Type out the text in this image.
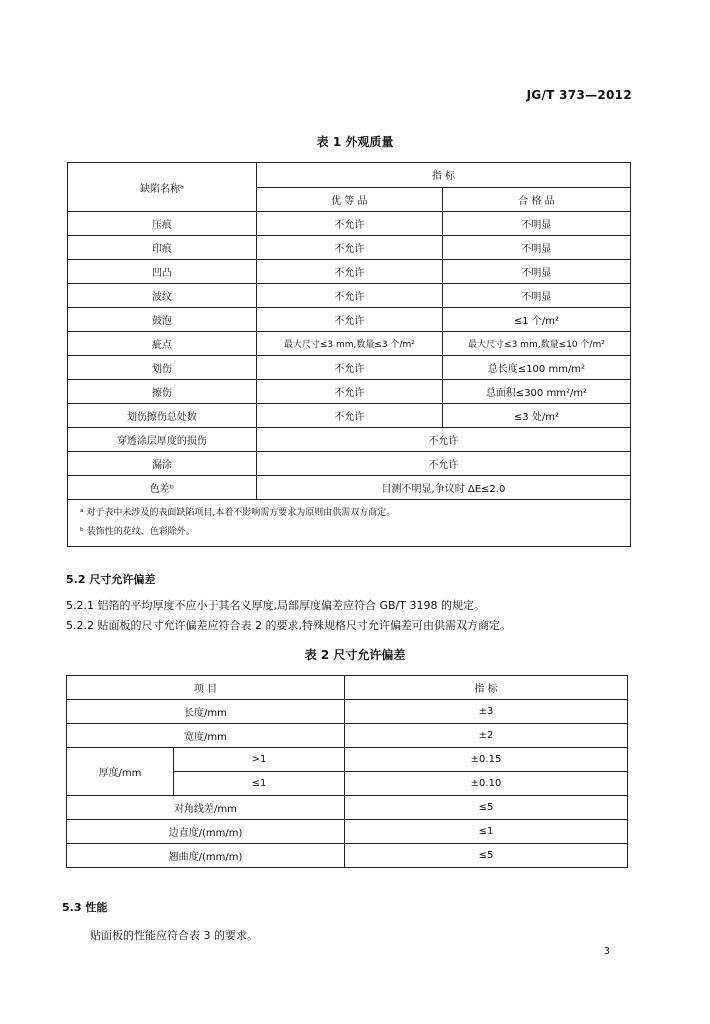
JG/T 373—2012
表 1 外观质量
缺陷名称ᵃ	指 标	
	优 等 品	合 格 品
压痕	不允许	不明显
印痕	不允许	不明显
凹凸	不允许	不明显
波纹	不允许	不明显
鼓泡	不允许	≤1 个/m²
疵点	最大尺寸≤3 mm,数量≤3 个/m²	最大尺寸≤3 mm,数量≤10 个/m²
划伤	不允许	总长度≤100 mm/m²
擦伤	不允许	总面积≤300 mm²/m²
划伤擦伤总处数	不允许	≤3 处/m²
穿透涂层厚度的损伤	不允许	
漏涂	不允许	
色差ᵇ	目测不明显,争议时 ΔE≤2.0	

ᵃ 对于表中未涉及的表面缺陷项目,本着不影响需方要求为原则由供需双方商定。
ᵇ 装饰性的花纹、色彩除外。		
5.2 尺寸允许偏差
5.2.1 铝箔的平均厚度不应小于其名义厚度,局部厚度偏差应符合 GB/T 3198 的规定。
5.2.2 贴面板的尺寸允许偏差应符合表 2 的要求,特殊规格尺寸允许偏差可由供需双方商定。
表 2 尺寸允许偏差
项 目		指 标
长度/mm		±3
宽度/mm		±2
厚度/mm	>1	±0.15
	≤1	±0.10
对角线差/mm		≤5
边直度/(mm/m)		≤1
翘曲度/(mm/m)		≤5
5.3 性能
贴面板的性能应符合表 3 的要求。
3
